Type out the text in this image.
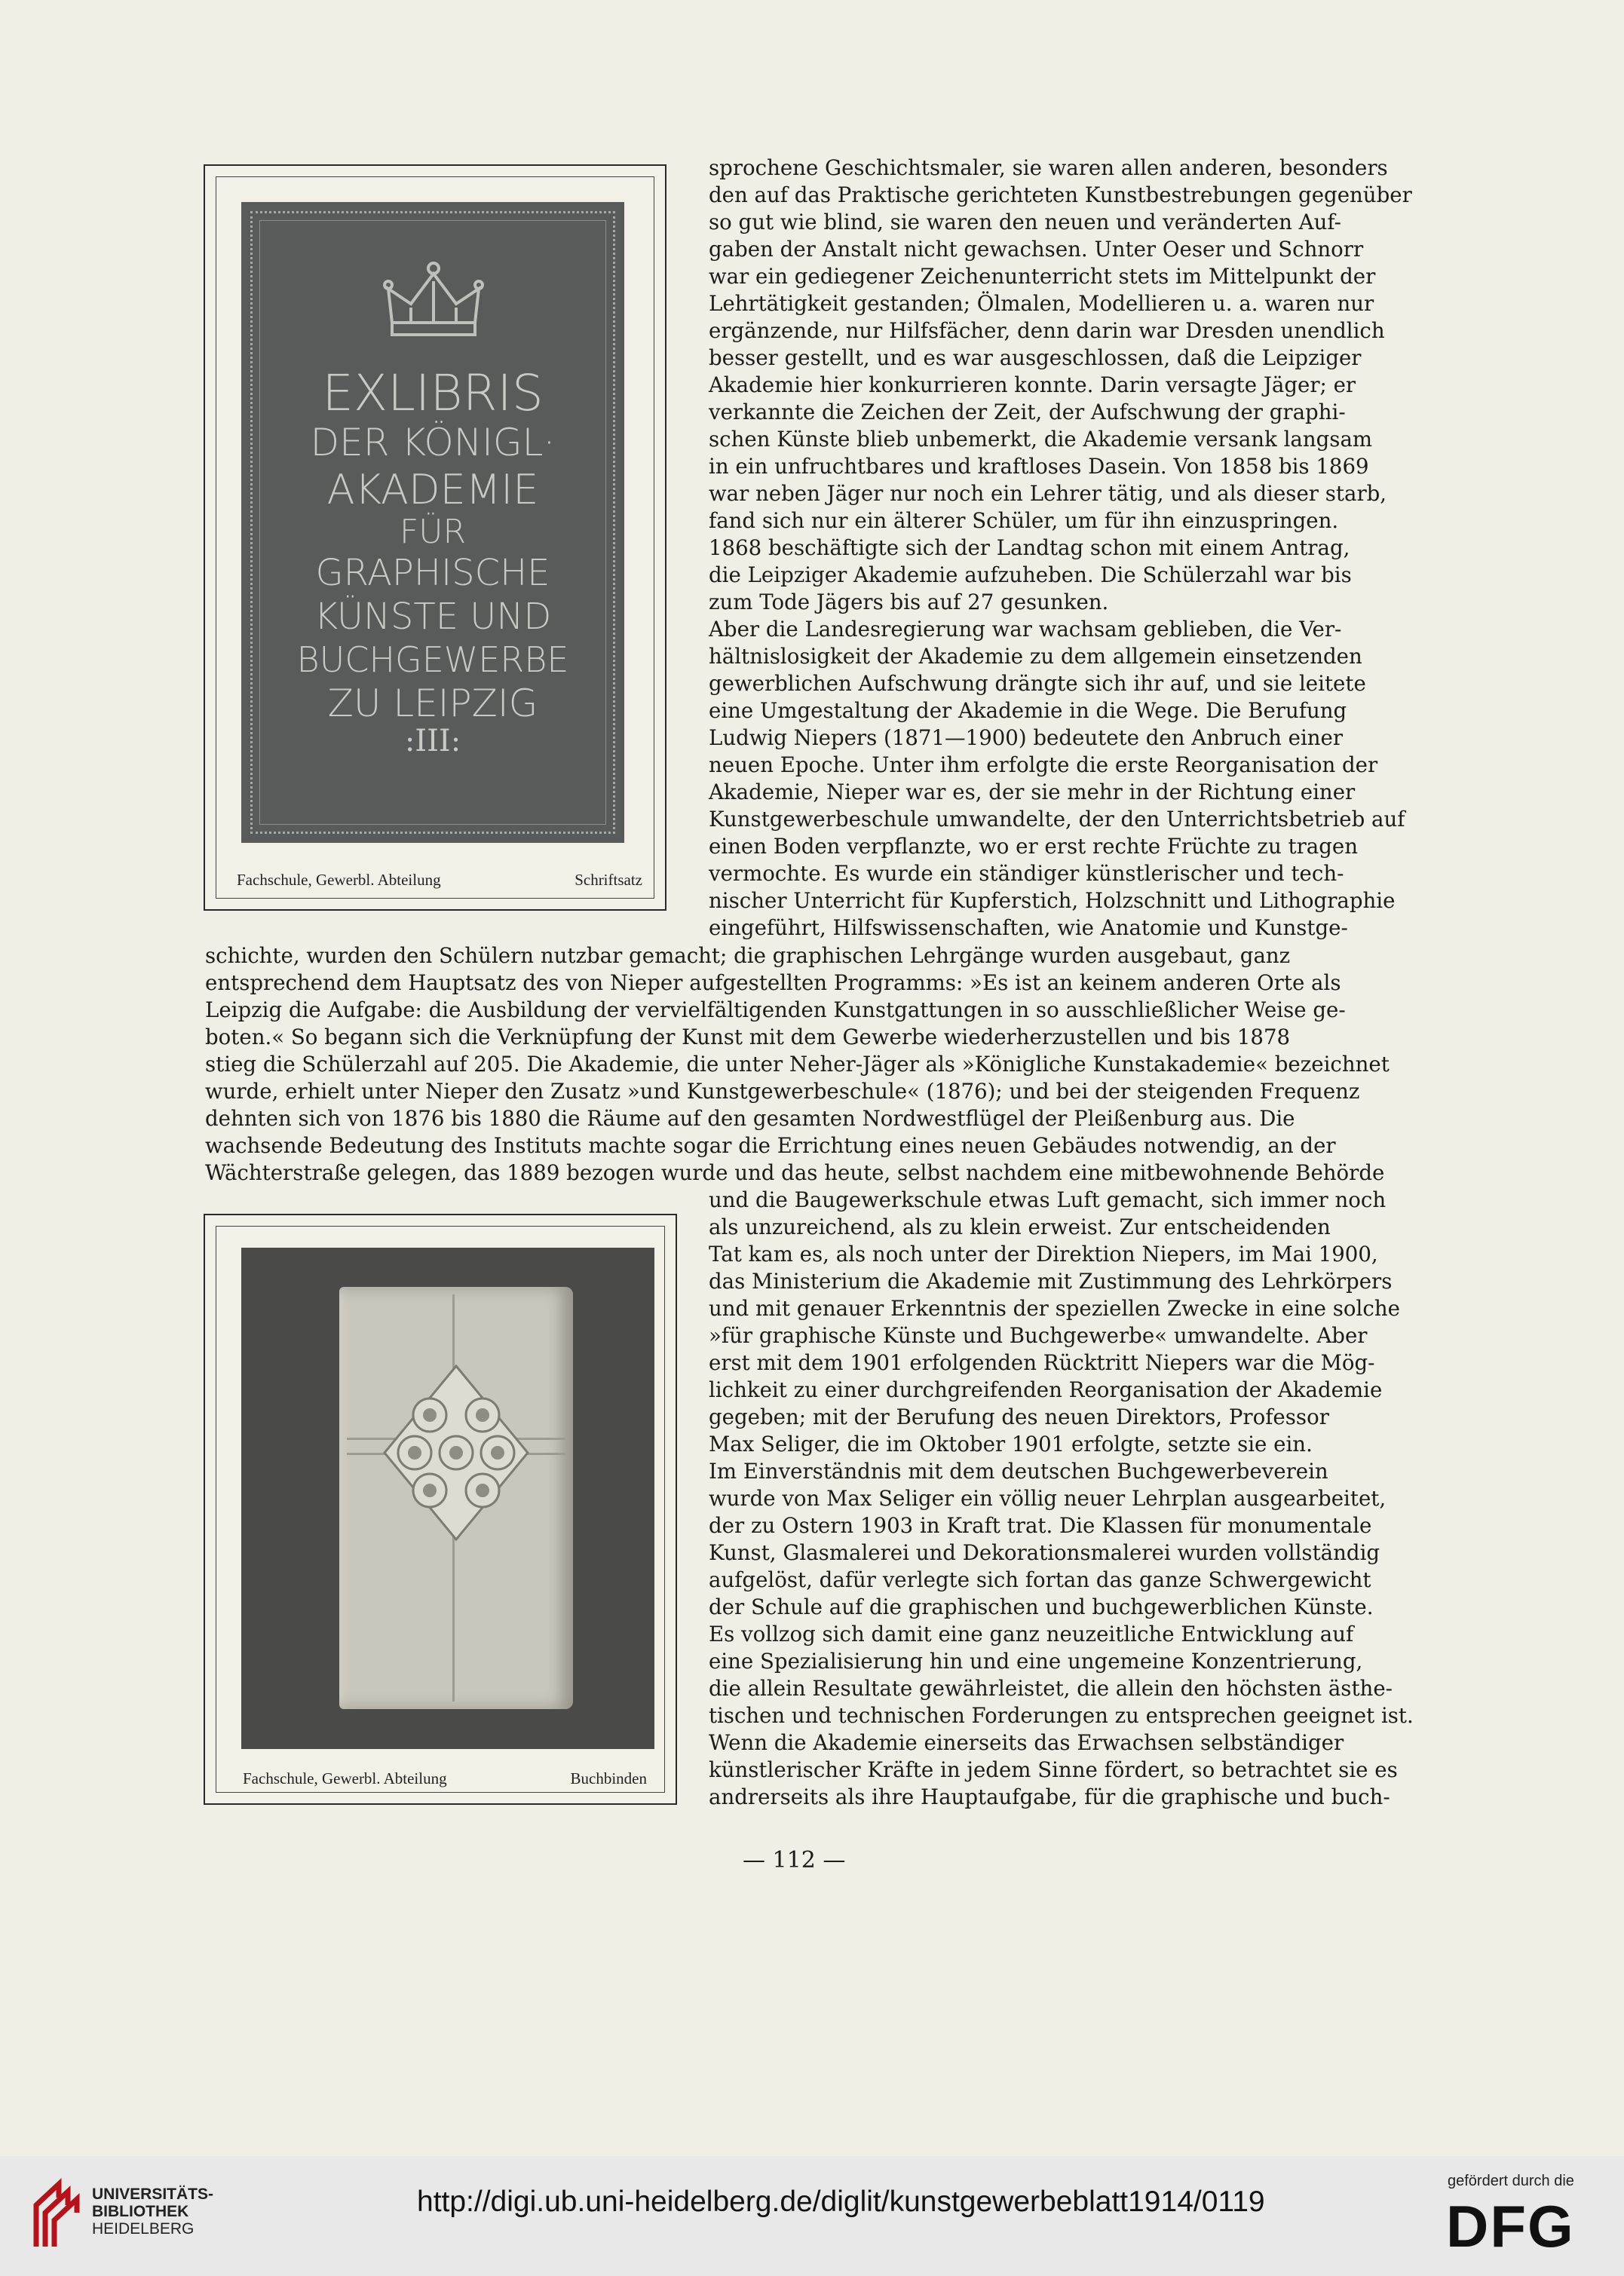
Fachschule, Gewerbl. Abteilung	Schriftsatz
EXLIBRIS
DER KÖNIGL·
AKADEMIE
FÜR
GRAPHISCHE
KÜNSTE UND
BUCHGEWERBE
ZU LEIPZIG
:III:
Fachschule, Gewerbl. Abteilung	Buchbinden
sprochene Geschichtsmaler, sie waren allen anderen, besonders
den auf das Praktische gerichteten Kunstbestrebungen gegenüber
so gut wie blind, sie waren den neuen und veränderten Auf-
gaben der Anstalt nicht gewachsen. Unter Oeser und Schnorr
war ein gediegener Zeichenunterricht stets im Mittelpunkt der
Lehrtätigkeit gestanden; Ölmalen, Modellieren u. a. waren nur
ergänzende, nur Hilfsfächer, denn darin war Dresden unendlich
besser gestellt, und es war ausgeschlossen, daß die Leipziger
Akademie hier konkurrieren konnte. Darin versagte Jäger; er
verkannte die Zeichen der Zeit, der Aufschwung der graphi-
schen Künste blieb unbemerkt, die Akademie versank langsam
in ein unfruchtbares und kraftloses Dasein. Von 1858 bis 1869
war neben Jäger nur noch ein Lehrer tätig, und als dieser starb,
fand sich nur ein älterer Schüler, um für ihn einzuspringen.
1868 beschäftigte sich der Landtag schon mit einem Antrag,
die Leipziger Akademie aufzuheben. Die Schülerzahl war bis
zum Tode Jägers bis auf 27 gesunken.
Aber die Landesregierung war wachsam geblieben, die Ver-
hältnislosigkeit der Akademie zu dem allgemein einsetzenden
gewerblichen Aufschwung drängte sich ihr auf, und sie leitete
eine Umgestaltung der Akademie in die Wege. Die Berufung
Ludwig Niepers (1871—1900) bedeutete den Anbruch einer
neuen Epoche. Unter ihm erfolgte die erste Reorganisation der
Akademie, Nieper war es, der sie mehr in der Richtung einer
Kunstgewerbeschule umwandelte, der den Unterrichtsbetrieb auf
einen Boden verpflanzte, wo er erst rechte Früchte zu tragen
vermochte. Es wurde ein ständiger künstlerischer und tech-
nischer Unterricht für Kupferstich, Holzschnitt und Lithographie
eingeführt, Hilfswissenschaften, wie Anatomie und Kunstge-
schichte, wurden den Schülern nutzbar gemacht; die graphischen Lehrgänge wurden ausgebaut, ganz
entsprechend dem Hauptsatz des von Nieper aufgestellten Programms: »Es ist an keinem anderen Orte als
Leipzig die Aufgabe: die Ausbildung der vervielfältigenden Kunstgattungen in so ausschließlicher Weise ge-
boten.« So begann sich die Verknüpfung der Kunst mit dem Gewerbe wiederherzustellen und bis 1878
stieg die Schülerzahl auf 205. Die Akademie, die unter Neher-Jäger als »Königliche Kunstakademie« bezeichnet
wurde, erhielt unter Nieper den Zusatz »und Kunstgewerbeschule« (1876); und bei der steigenden Frequenz
dehnten sich von 1876 bis 1880 die Räume auf den gesamten Nordwestflügel der Pleißenburg aus. Die
wachsende Bedeutung des Instituts machte sogar die Errichtung eines neuen Gebäudes notwendig, an der
Wächterstraße gelegen, das 1889 bezogen wurde und das heute, selbst nachdem eine mitbewohnende Behörde
und die Baugewerkschule etwas Luft gemacht, sich immer noch
als unzureichend, als zu klein erweist. Zur entscheidenden
Tat kam es, als noch unter der Direktion Niepers, im Mai 1900,
das Ministerium die Akademie mit Zustimmung des Lehrkörpers
und mit genauer Erkenntnis der speziellen Zwecke in eine solche
»für graphische Künste und Buchgewerbe« umwandelte. Aber
erst mit dem 1901 erfolgenden Rücktritt Niepers war die Mög-
lichkeit zu einer durchgreifenden Reorganisation der Akademie
gegeben; mit der Berufung des neuen Direktors, Professor
Max Seliger, die im Oktober 1901 erfolgte, setzte sie ein.
Im Einverständnis mit dem deutschen Buchgewerbeverein
wurde von Max Seliger ein völlig neuer Lehrplan ausgearbeitet,
der zu Ostern 1903 in Kraft trat. Die Klassen für monumentale
Kunst, Glasmalerei und Dekorationsmalerei wurden vollständig
aufgelöst, dafür verlegte sich fortan das ganze Schwergewicht
der Schule auf die graphischen und buchgewerblichen Künste.
Es vollzog sich damit eine ganz neuzeitliche Entwicklung auf
eine Spezialisierung hin und eine ungemeine Konzentrierung,
die allein Resultate gewährleistet, die allein den höchsten ästhe-
tischen und technischen Forderungen zu entsprechen geeignet ist.
Wenn die Akademie einerseits das Erwachsen selbständiger
künstlerischer Kräfte in jedem Sinne fördert, so betrachtet sie es
andrerseits als ihre Hauptaufgabe, für die graphische und buch-
— 112 —
UNIVERSITÄTS-
BIBLIOTHEK
HEIDELBERG
http://digi.ub.uni-heidelberg.de/diglit/kunstgewerbeblatt1914/0119
gefördert durch die
DFG
